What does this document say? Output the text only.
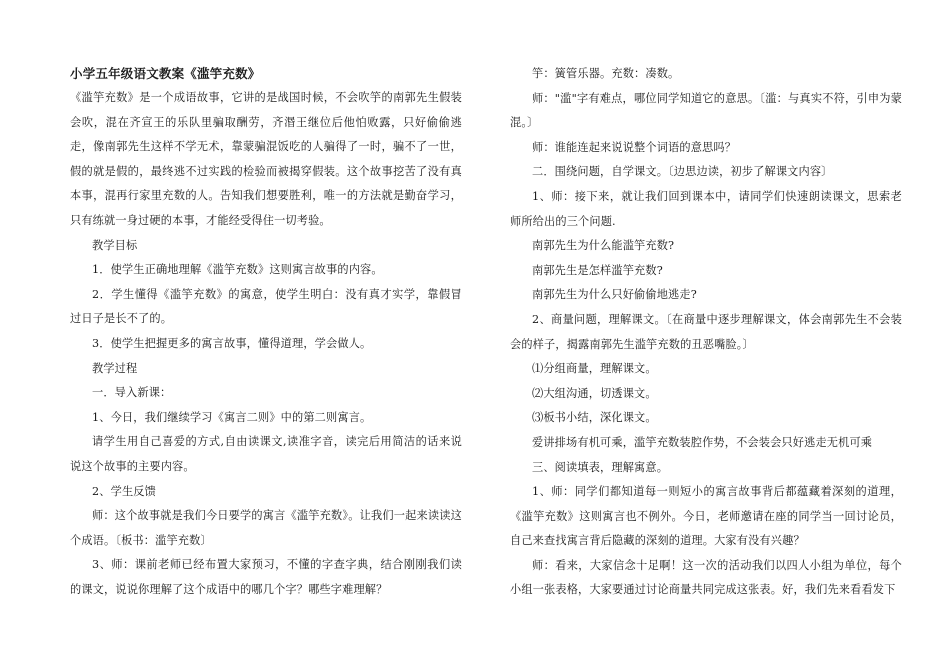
小学五年级语文教案《滥竽充数》

《滥竽充数》是一个成语故事，它讲的是战国时候，不会吹竽的南郭先生假装会吹，混在齐宣王的乐队里骗取酬劳，齐湣王继位后他怕败露，只好偷偷逃走，像南郭先生这样不学无术，靠蒙骗混饭吃的人骗得了一时，骗不了一世，假的就是假的，最终逃不过实践的检验而被揭穿假装。这个故事挖苦了没有真本事，混再行家里充数的人。告知我们想要胜利，唯一的方法就是勤奋学习，只有练就一身过硬的本事，才能经受得住一切考验。

教学目标

1．使学生正确地理解《滥竽充数》这则寓言故事的内容。

2．学生懂得《滥竽充数》的寓意，使学生明白：没有真才实学，靠假冒过日子是长不了的。

3．使学生把握更多的寓言故事，懂得道理，学会做人。

教学过程

一．导入新课：

1、今日，我们继续学习《寓言二则》中的第二则寓言。

请学生用自己喜爱的方式,自由读课文,读准字音，读完后用简洁的话来说说这个故事的主要内容。

2、学生反馈

师：这个故事就是我们今日要学的寓言《滥竽充数》。让我们一起来读读这个成语。〔板书：滥竽充数〕

3、师：课前老师已经布置大家预习，不懂的字查字典，结合刚刚我们读的课文，说说你理解了这个成语中的哪几个字？哪些字难理解？

竽：簧管乐器。充数：凑数。

师："滥"字有难点，哪位同学知道它的意思。〔滥：与真实不符，引申为蒙混。〕

师：谁能连起来说说整个词语的意思吗？

二．围绕问题，自学课文。〔边思边读，初步了解课文内容〕

1、师：接下来，就让我们回到课本中，请同学们快速朗读课文，思索老师所给出的三个问题.

南郭先生为什么能滥竽充数?

南郭先生是怎样滥竽充数?

南郭先生为什么只好偷偷地逃走?

2、商量问题，理解课文。〔在商量中逐步理解课文，体会南郭先生不会装会的样子，揭露南郭先生滥竽充数的丑恶嘴脸。〕

⑴分组商量，理解课文。

⑵大组沟通，切透课文。

⑶板书小结，深化课文。

爱讲排场有机可乘，滥竽充数装腔作势，不会装会只好逃走无机可乘

三、阅读填表，理解寓意。

1、师：同学们都知道每一则短小的寓言故事背后都蕴藏着深刻的道理，《滥竽充数》这则寓言也不例外。今日，老师邀请在座的同学当一回讨论员，自己来查找寓言背后隐藏的深刻的道理。大家有没有兴趣？

师：看来，大家信念十足啊！这一次的活动我们以四人小组为单位，每个小组一张表格，大家要通过讨论商量共同完成这张表。好，我们先来看看发下
